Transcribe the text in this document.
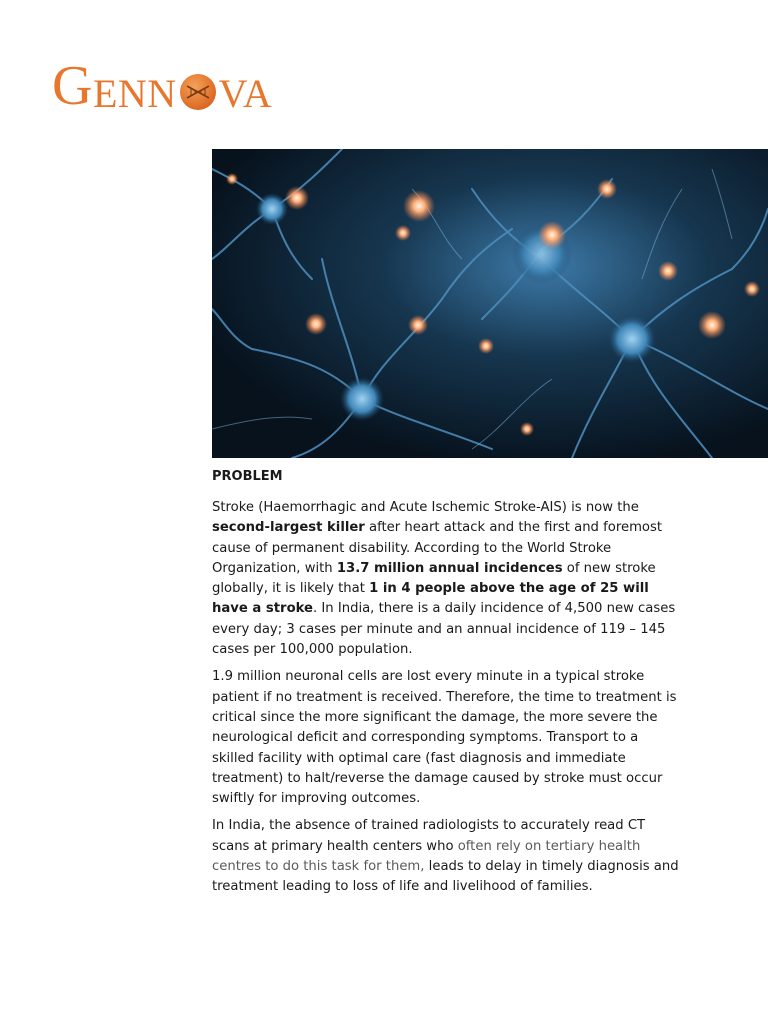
G ENN VA
PROBLEM

Stroke (Haemorrhagic and Acute Ischemic Stroke-AIS) is now the second-largest killer after heart attack and the first and foremost cause of permanent disability. According to the World Stroke Organization, with 13.7 million annual incidences of new stroke globally, it is likely that 1 in 4 people above the age of 25 will have a stroke. In India, there is a daily incidence of 4,500 new cases every day; 3 cases per minute and an annual incidence of 119 – 145 cases per 100,000 population.

1.9 million neuronal cells are lost every minute in a typical stroke patient if no treatment is received. Therefore, the time to treatment is critical since the more significant the damage, the more severe the neurological deficit and corresponding symptoms. Transport to a skilled facility with optimal care (fast diagnosis and immediate treatment) to halt/reverse the damage caused by stroke must occur swiftly for improving outcomes.

In India, the absence of trained radiologists to accurately read CT scans at primary health centers who often rely on tertiary health centres to do this task for them, leads to delay in timely diagnosis and treatment leading to loss of life and livelihood of families.
